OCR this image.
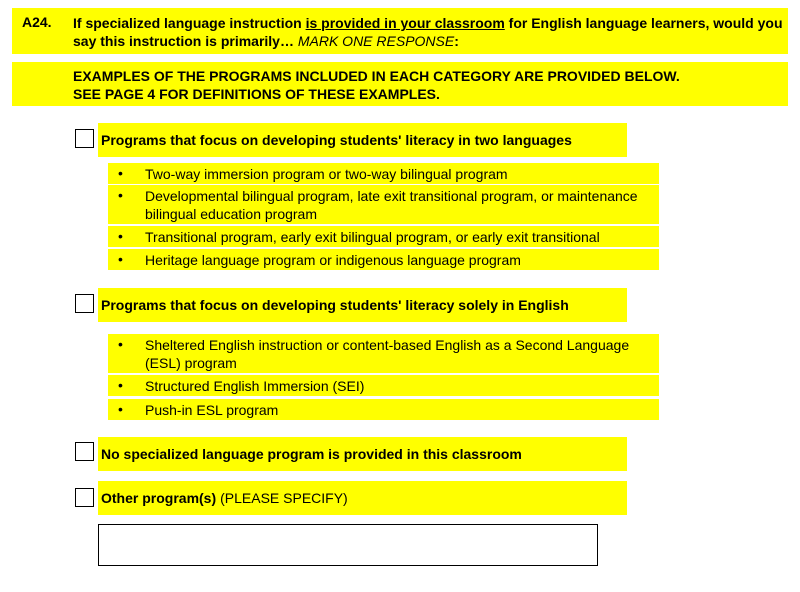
A24. If specialized language instruction is provided in your classroom for English language learners, would you say this instruction is primarily… MARK ONE RESPONSE:
EXAMPLES OF THE PROGRAMS INCLUDED IN EACH CATEGORY ARE PROVIDED BELOW.
SEE PAGE 4 FOR DEFINITIONS OF THESE EXAMPLES.
Programs that focus on developing students' literacy in two languages
• Two-way immersion program or two-way bilingual program
• Developmental bilingual program, late exit transitional program, or maintenance bilingual education program
• Transitional program, early exit bilingual program, or early exit transitional
• Heritage language program or indigenous language program
Programs that focus on developing students' literacy solely in English
• Sheltered English instruction or content-based English as a Second Language (ESL) program
• Structured English Immersion (SEI)
• Push-in ESL program
No specialized language program is provided in this classroom
Other program(s) (PLEASE SPECIFY)
